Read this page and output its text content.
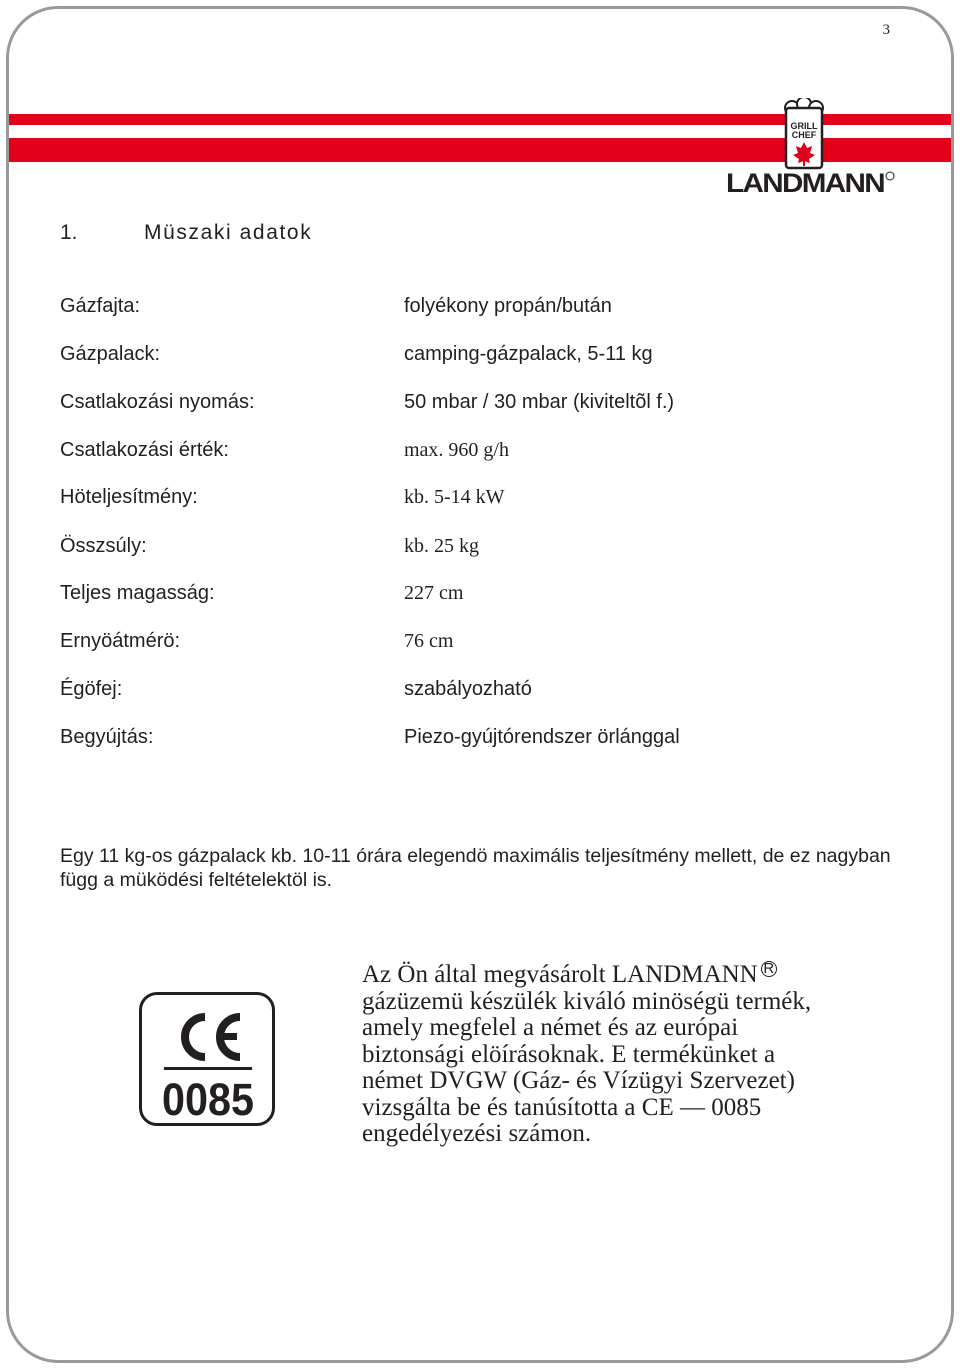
3
GRILL
CHEF
LANDMANN
1.	Müszaki adatok
Gázfajta:	folyékony propán/bután
Gázpalack:	camping-gázpalack, 5-11 kg
Csatlakozási nyomás:	50 mbar / 30 mbar (kiviteltõl f.)
Csatlakozási érték:	max. 960 g/h
Höteljesítmény:	kb. 5-14 kW
Összsúly:	kb. 25 kg
Teljes magasság:	227 cm
Ernyöátmérö:	76 cm
Égöfej:	szabályozható
Begyújtás:	Piezo-gyújtórendszer örlánggal

Egy 11 kg-os gázpalack kb. 10-11 órára elegendö maximális teljesítmény mellett, de ez nagyban függ a müködési feltételektöl is.

0085

Az Ön által megvásárolt LANDMANN R gázüzemü készülék kiváló minöségü termék, amely megfelel a német és az európai biztonsági elöírásoknak. E termékünket a német DVGW (Gáz- és Vízügyi Szervezet) vizsgálta be és tanúsította a CE — 0085 engedélyezési számon.
